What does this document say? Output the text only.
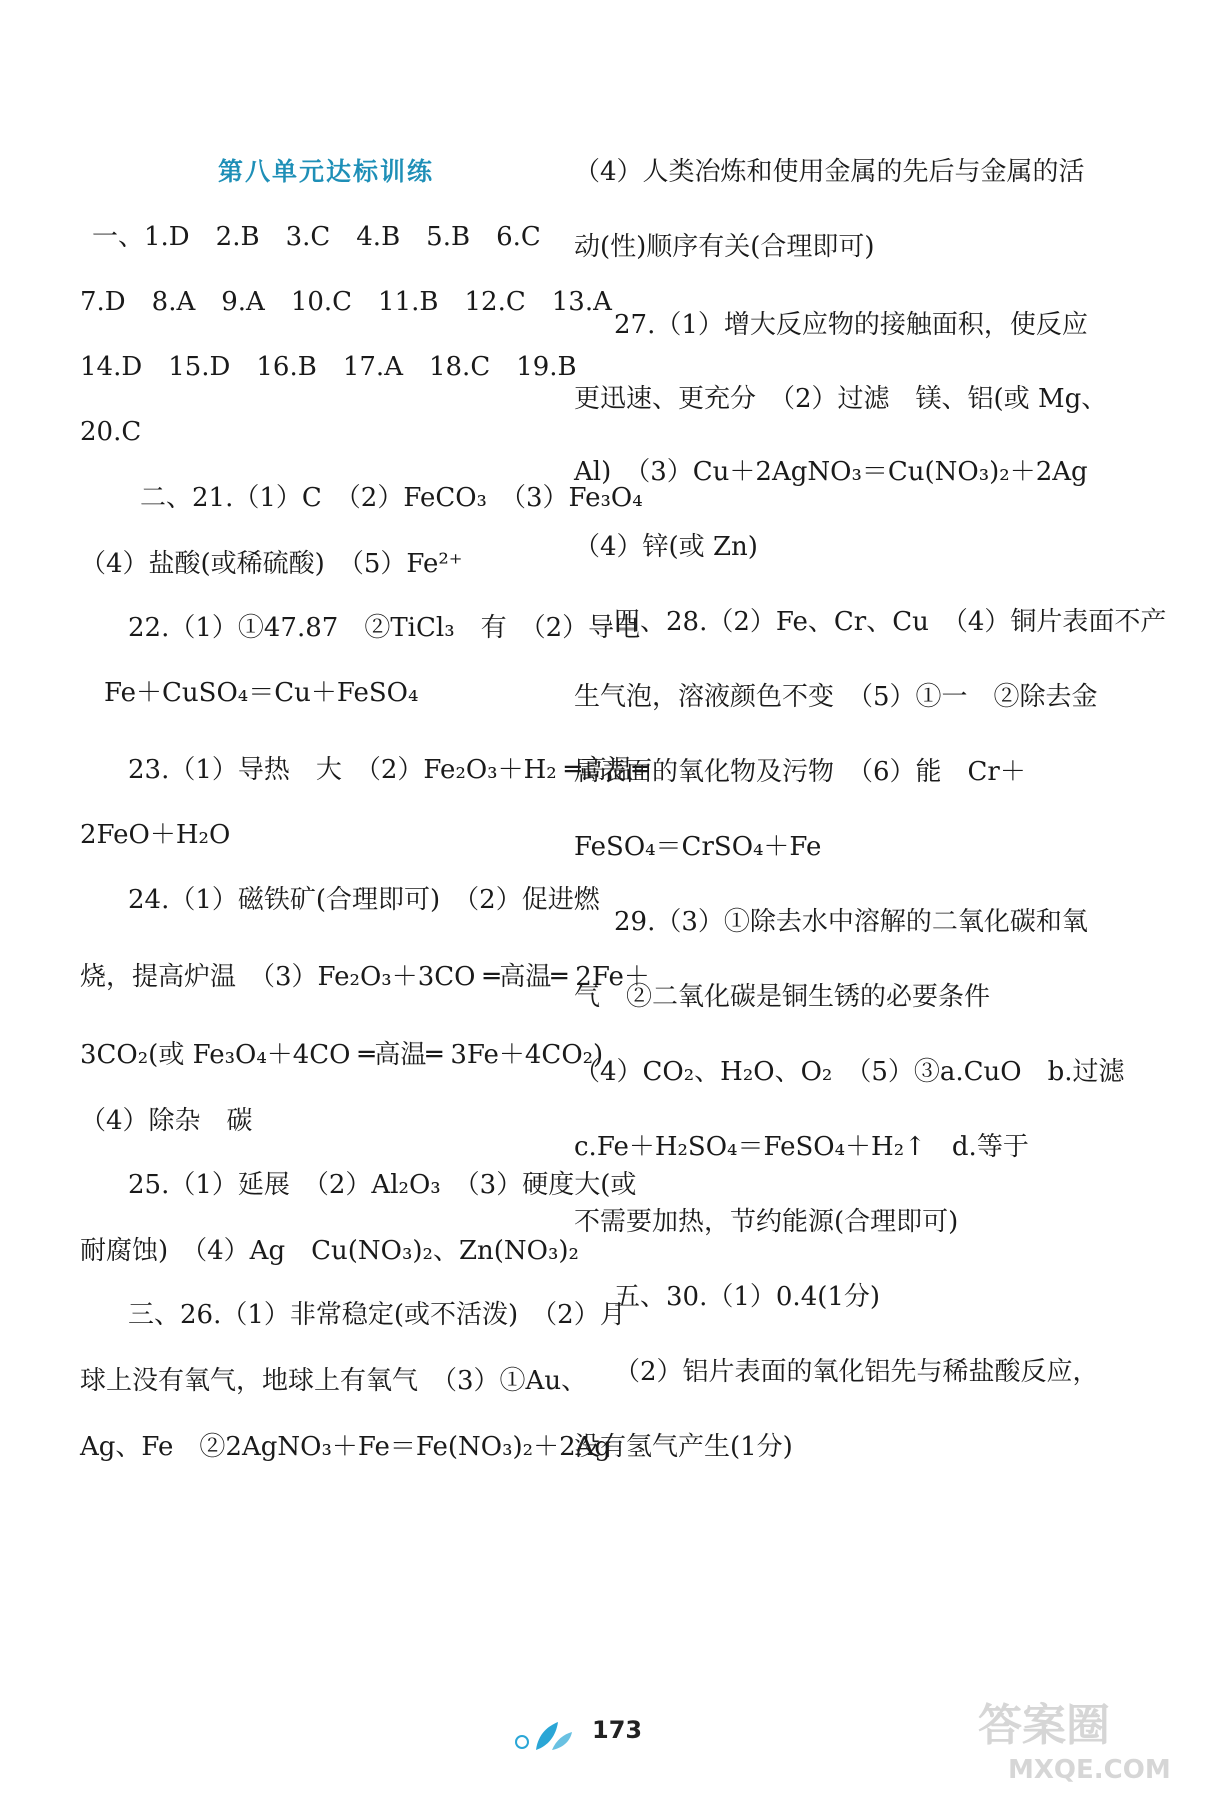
第八单元达标训练
一、1.D　2.B　3.C　4.B　5.B　6.C
7.D　8.A　9.A　10.C　11.B　12.C　13.A
14.D　15.D　16.B　17.A　18.C　19.B
20.C
二、21.（1）C　（2）FeCO₃　（3）Fe₃O₄
（4）盐酸(或稀硫酸)　（5）Fe²⁺
22.（1）①47.87　②TiCl₃　有　（2）导电
Fe＋CuSO₄＝Cu＋FeSO₄
23.（1）导热　大　（2）Fe₂O₃＋H₂ ═高温═
2FeO＋H₂O
24.（1）磁铁矿(合理即可)　（2）促进燃
烧，提高炉温　（3）Fe₂O₃＋3CO ═高温═ 2Fe＋
3CO₂(或 Fe₃O₄＋4CO ═高温═ 3Fe＋4CO₂)
（4）除杂　碳
25.（1）延展　（2）Al₂O₃　（3）硬度大(或
耐腐蚀)　（4）Ag　Cu(NO₃)₂、Zn(NO₃)₂
三、26.（1）非常稳定(或不活泼)　（2）月
球上没有氧气，地球上有氧气　（3）①Au、
Ag、Fe　②2AgNO₃＋Fe＝Fe(NO₃)₂＋2Ag
（4）人类冶炼和使用金属的先后与金属的活
动(性)顺序有关(合理即可)
27.（1）增大反应物的接触面积，使反应
更迅速、更充分　（2）过滤　镁、铝(或 Mg、
Al)　（3）Cu＋2AgNO₃＝Cu(NO₃)₂＋2Ag
（4）锌(或 Zn)
四、28.（2）Fe、Cr、Cu　（4）铜片表面不产
生气泡，溶液颜色不变　（5）①一　②除去金
属表面的氧化物及污物　（6）能　Cr＋
FeSO₄＝CrSO₄＋Fe
29.（3）①除去水中溶解的二氧化碳和氧
气　②二氧化碳是铜生锈的必要条件
（4）CO₂、H₂O、O₂　（5）③a.CuO　b.过滤
c.Fe＋H₂SO₄＝FeSO₄＋H₂↑　d.等于
不需要加热，节约能源(合理即可)
五、30.（1）0.4(1分)
（2）铝片表面的氧化铝先与稀盐酸反应，
没有氢气产生(1分)
173	答案圈
MXQE.COM
